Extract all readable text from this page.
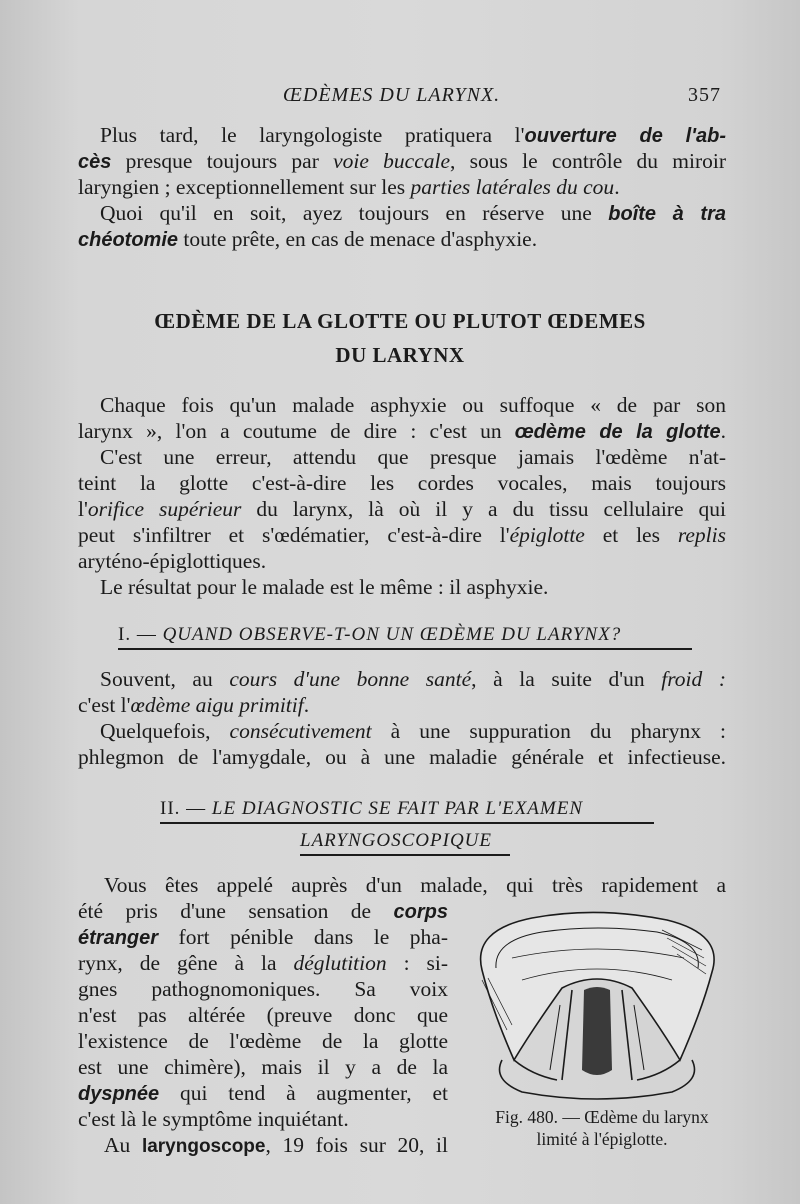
ŒDÈMES DU LARYNX.	357
Plus tard, le laryngologiste pratiquera l'ouverture de l'ab-
cès presque toujours par voie buccale, sous le contrôle du miroir
laryngien ; exceptionnellement sur les parties latérales du cou.
Quoi qu'il en soit, ayez toujours en réserve une boîte à tra
chéotomie toute prête, en cas de menace d'asphyxie.
ŒDÈME DE LA GLOTTE OU PLUTOT ŒDEMES
DU LARYNX
Chaque fois qu'un malade asphyxie ou suffoque « de par son
larynx », l'on a coutume de dire : c'est un œdème de la glotte.
C'est une erreur, attendu que presque jamais l'œdème n'at-
teint la glotte c'est-à-dire les cordes vocales, mais toujours
l'orifice supérieur du larynx, là où il y a du tissu cellulaire qui
peut s'infiltrer et s'œdématier, c'est-à-dire l'épiglotte et les replis
aryténo-épiglottiques.
Le résultat pour le malade est le même : il asphyxie.
I. — QUAND OBSERVE-T-ON UN ŒDÈME DU LARYNX?
Souvent, au cours d'une bonne santé, à la suite d'un froid :
c'est l'œdème aigu primitif.
Quelquefois, consécutivement à une suppuration du pharynx :
phlegmon de l'amygdale, ou à une maladie générale et infectieuse.
II. — LE DIAGNOSTIC SE FAIT PAR L'EXAMEN
LARYNGOSCOPIQUE
Vous êtes appelé auprès d'un malade, qui très rapidement a
été pris d'une sensation de corps
étranger fort pénible dans le pha-
rynx, de gêne à la déglutition : si-
gnes pathognomoniques. Sa voix
n'est pas altérée (preuve donc que
l'existence de l'œdème de la glotte
est une chimère), mais il y a de la
dyspnée qui tend à augmenter, et
c'est là le symptôme inquiétant.
Au laryngoscope, 19 fois sur 20, il
Fig. 480. — Œdème du larynx
limité à l'épiglotte.
